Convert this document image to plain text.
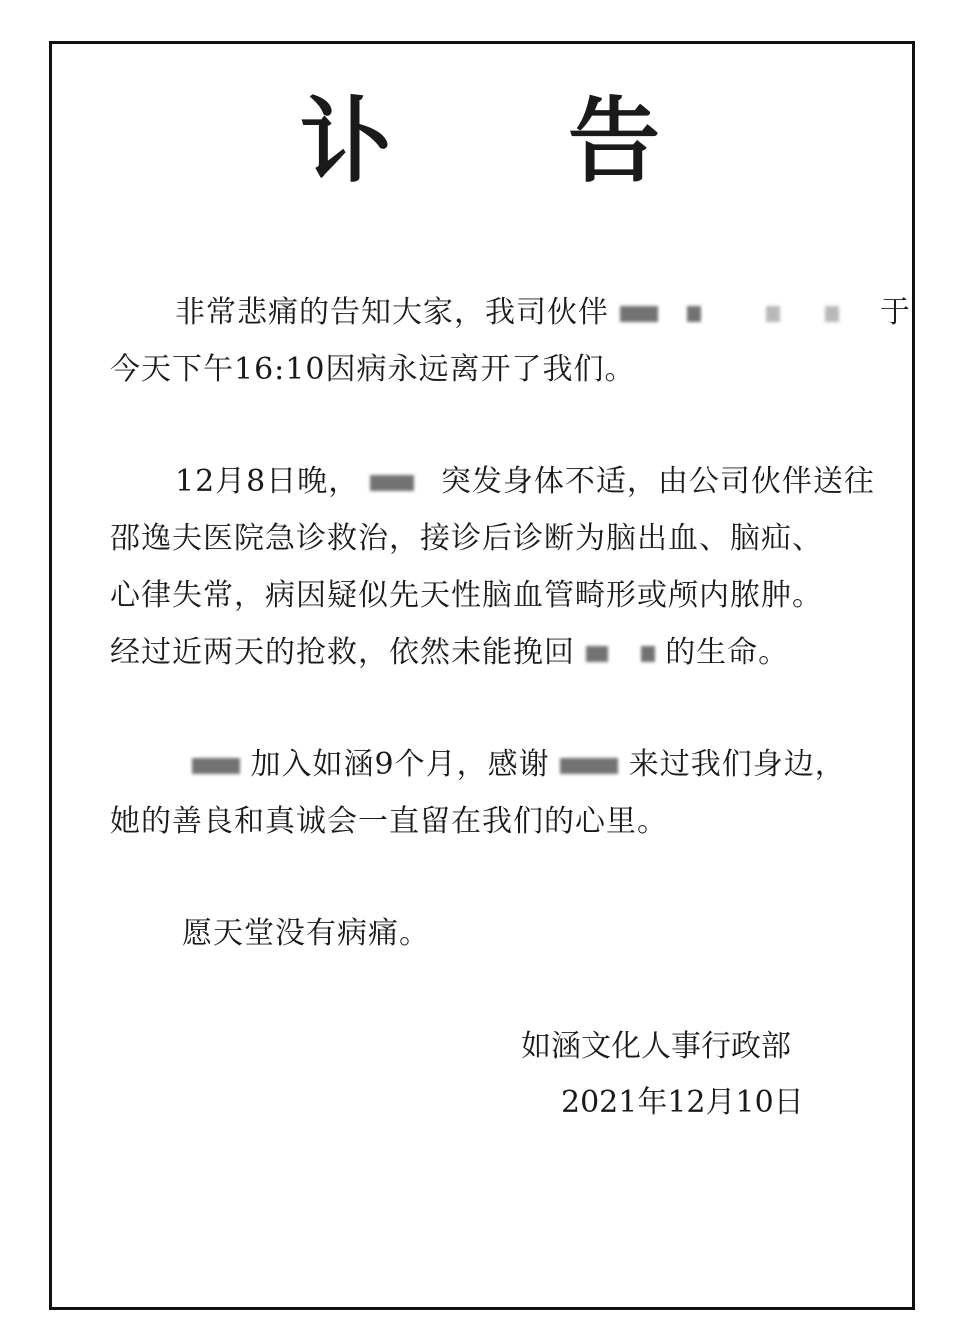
讣 告
非常悲痛的告知大家，我司伙伴	于
今天下午16:10因病永远离开了我们。
12月8日晚，	突发身体不适，由公司伙伴送往
邵逸夫医院急诊救治，接诊后诊断为脑出血、脑疝、
心律失常，病因疑似先天性脑血管畸形或颅内脓肿。
经过近两天的抢救，依然未能挽回	的生命。
加入如涵9个月，感谢	来过我们身边，
她的善良和真诚会一直留在我们的心里。
愿天堂没有病痛。
如涵文化人事行政部
2021年12月10日
